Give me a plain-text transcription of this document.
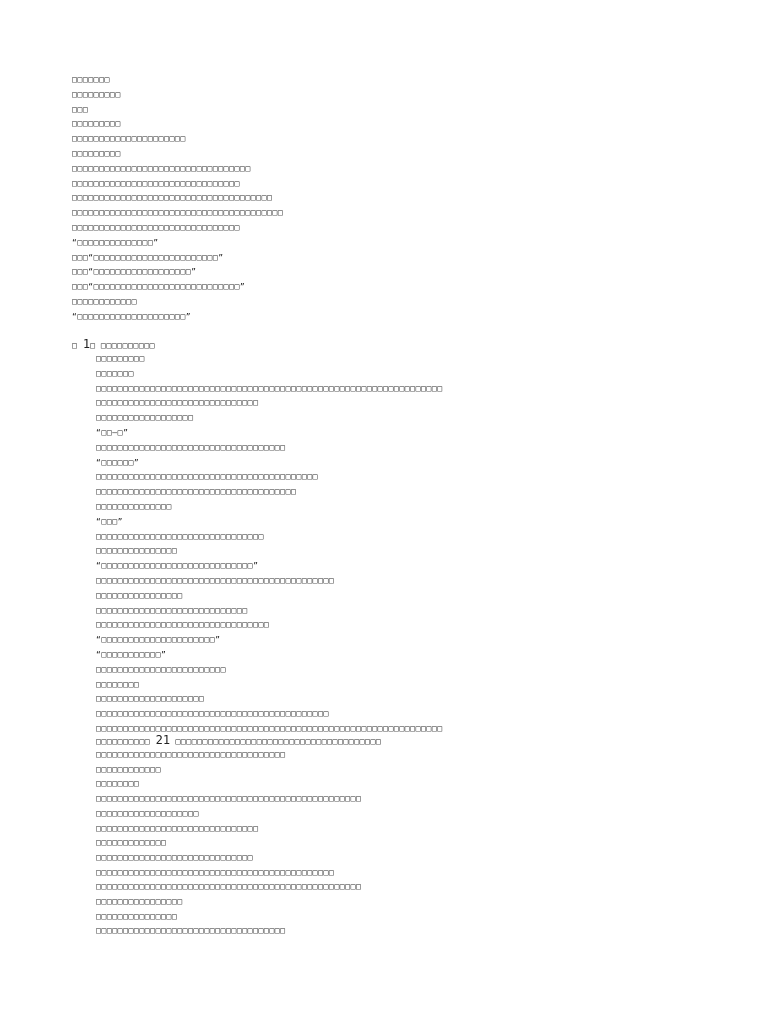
□□□□□□□
□□□□□□□□□
□□□
□□□□□□□□□
□□□□□□□□□□□□□□□□□□□□□
□□□□□□□□□
□□□□□□□□□□□□□□□□□□□□□□□□□□□□□□□□□
□□□□□□□□□□□□□□□□□□□□□□□□□□□□□□□
□□□□□□□□□□□□□□□□□□□□□□□□□□□□□□□□□□□□□
□□□□□□□□□□□□□□□□□□□□□□□□□□□□□□□□□□□□□□□
□□□□□□□□□□□□□□□□□□□□□□□□□□□□□□□
“□□□□□□□□□□□□□□”
□□□“□□□□□□□□□□□□□□□□□□□□□□□”
□□□“□□□□□□□□□□□□□□□□□□”
□□□“□□□□□□□□□□□□□□□□□□□□□□□□□□□”
□□□□□□□□□□□□
“□□□□□□□□□□□□□□□□□□□□”
□ 1□ □□□□□□□□□□
□□□□□□□□□
□□□□□□□
□□□□□□□□□□□□□□□□□□□□□□□□□□□□□□□□□□□□□□□□□□□□□□□□□□□□□□□□□□□□□□□□
□□□□□□□□□□□□□□□□□□□□□□□□□□□□□□
□□□□□□□□□□□□□□□□□□
“□□—□”
□□□□□□□□□□□□□□□□□□□□□□□□□□□□□□□□□□□
“□□□□□□”
□□□□□□□□□□□□□□□□□□□□□□□□□□□□□□□□□□□□□□□□□
□□□□□□□□□□□□□□□□□□□□□□□□□□□□□□□□□□□□□
□□□□□□□□□□□□□□
“□□□”
□□□□□□□□□□□□□□□□□□□□□□□□□□□□□□□
□□□□□□□□□□□□□□□
“□□□□□□□□□□□□□□□□□□□□□□□□□□□□”
□□□□□□□□□□□□□□□□□□□□□□□□□□□□□□□□□□□□□□□□□□□□
□□□□□□□□□□□□□□□□
□□□□□□□□□□□□□□□□□□□□□□□□□□□□
□□□□□□□□□□□□□□□□□□□□□□□□□□□□□□□□
“□□□□□□□□□□□□□□□□□□□□□”
“□□□□□□□□□□□”
□□□□□□□□□□□□□□□□□□□□□□□□
□□□□□□□□
□□□□□□□□□□□□□□□□□□□□
□□□□□□□□□□□□□□□□□□□□□□□□□□□□□□□□□□□□□□□□□□□
□□□□□□□□□□□□□□□□□□□□□□□□□□□□□□□□□□□□□□□□□□□□□□□□□□□□□□□□□□□□□□□□
□□□□□□□□□□ 21 □□□□□□□□□□□□□□□□□□□□□□□□□□□□□□□□□□□□□□
□□□□□□□□□□□□□□□□□□□□□□□□□□□□□□□□□□□
□□□□□□□□□□□□
□□□□□□□□
□□□□□□□□□□□□□□□□□□□□□□□□□□□□□□□□□□□□□□□□□□□□□□□□□
□□□□□□□□□□□□□□□□□□□
□□□□□□□□□□□□□□□□□□□□□□□□□□□□□□
□□□□□□□□□□□□□
□□□□□□□□□□□□□□□□□□□□□□□□□□□□□
□□□□□□□□□□□□□□□□□□□□□□□□□□□□□□□□□□□□□□□□□□□□
□□□□□□□□□□□□□□□□□□□□□□□□□□□□□□□□□□□□□□□□□□□□□□□□□
□□□□□□□□□□□□□□□□
□□□□□□□□□□□□□□□
□□□□□□□□□□□□□□□□□□□□□□□□□□□□□□□□□□□
